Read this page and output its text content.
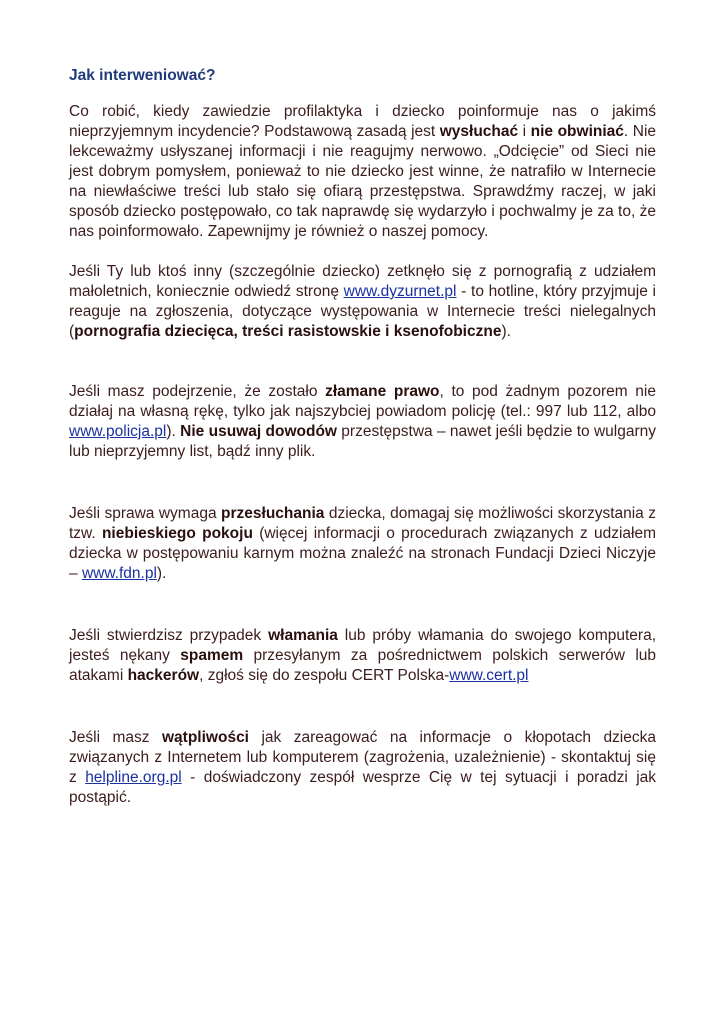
Jak interweniować?

Co robić, kiedy zawiedzie profilaktyka i dziecko poinformuje nas o jakimś nieprzyjemnym incydencie? Podstawową zasadą jest wysłuchać i nie obwiniać. Nie lekceważmy usłyszanej informacji i nie reagujmy nerwowo. „Odcięcie” od Sieci nie jest dobrym pomysłem, ponieważ to nie dziecko jest winne, że natrafiło w Internecie na niewłaściwe treści lub stało się ofiarą przestępstwa. Sprawdźmy raczej, w jaki sposób dziecko postępowało, co tak naprawdę się wydarzyło i pochwalmy je za to, że nas poinformowało. Zapewnijmy je również o naszej pomocy.

Jeśli Ty lub ktoś inny (szczególnie dziecko) zetknęło się z pornografią z udziałem małoletnich, koniecznie odwiedź stronę www.dyzurnet.pl - to hotline, który przyjmuje i reaguje na zgłoszenia, dotyczące występowania w Internecie treści nielegalnych (pornografia dziecięca, treści rasistowskie i ksenofobiczne).

Jeśli masz podejrzenie, że zostało złamane prawo, to pod żadnym pozorem nie działaj na własną rękę, tylko jak najszybciej powiadom policję (tel.: 997 lub 112, albo www.policja.pl). Nie usuwaj dowodów przestępstwa – nawet jeśli będzie to wulgarny lub nieprzyjemny list, bądź inny plik.

Jeśli sprawa wymaga przesłuchania dziecka, domagaj się możliwości skorzystania z tzw. niebieskiego pokoju (więcej informacji o procedurach związanych z udziałem dziecka w postępowaniu karnym można znaleźć na stronach Fundacji Dzieci Niczyje – www.fdn.pl).

Jeśli stwierdzisz przypadek włamania lub próby włamania do swojego komputera, jesteś nękany spamem przesyłanym za pośrednictwem polskich serwerów lub atakami hackerów, zgłoś się do zespołu CERT Polska-www.cert.pl

Jeśli masz wątpliwości jak zareagować na informacje o kłopotach dziecka związanych z Internetem lub komputerem (zagrożenia, uzależnienie) - skontaktuj się z helpline.org.pl - doświadczony zespół wesprze Cię w tej sytuacji i poradzi jak postąpić.
